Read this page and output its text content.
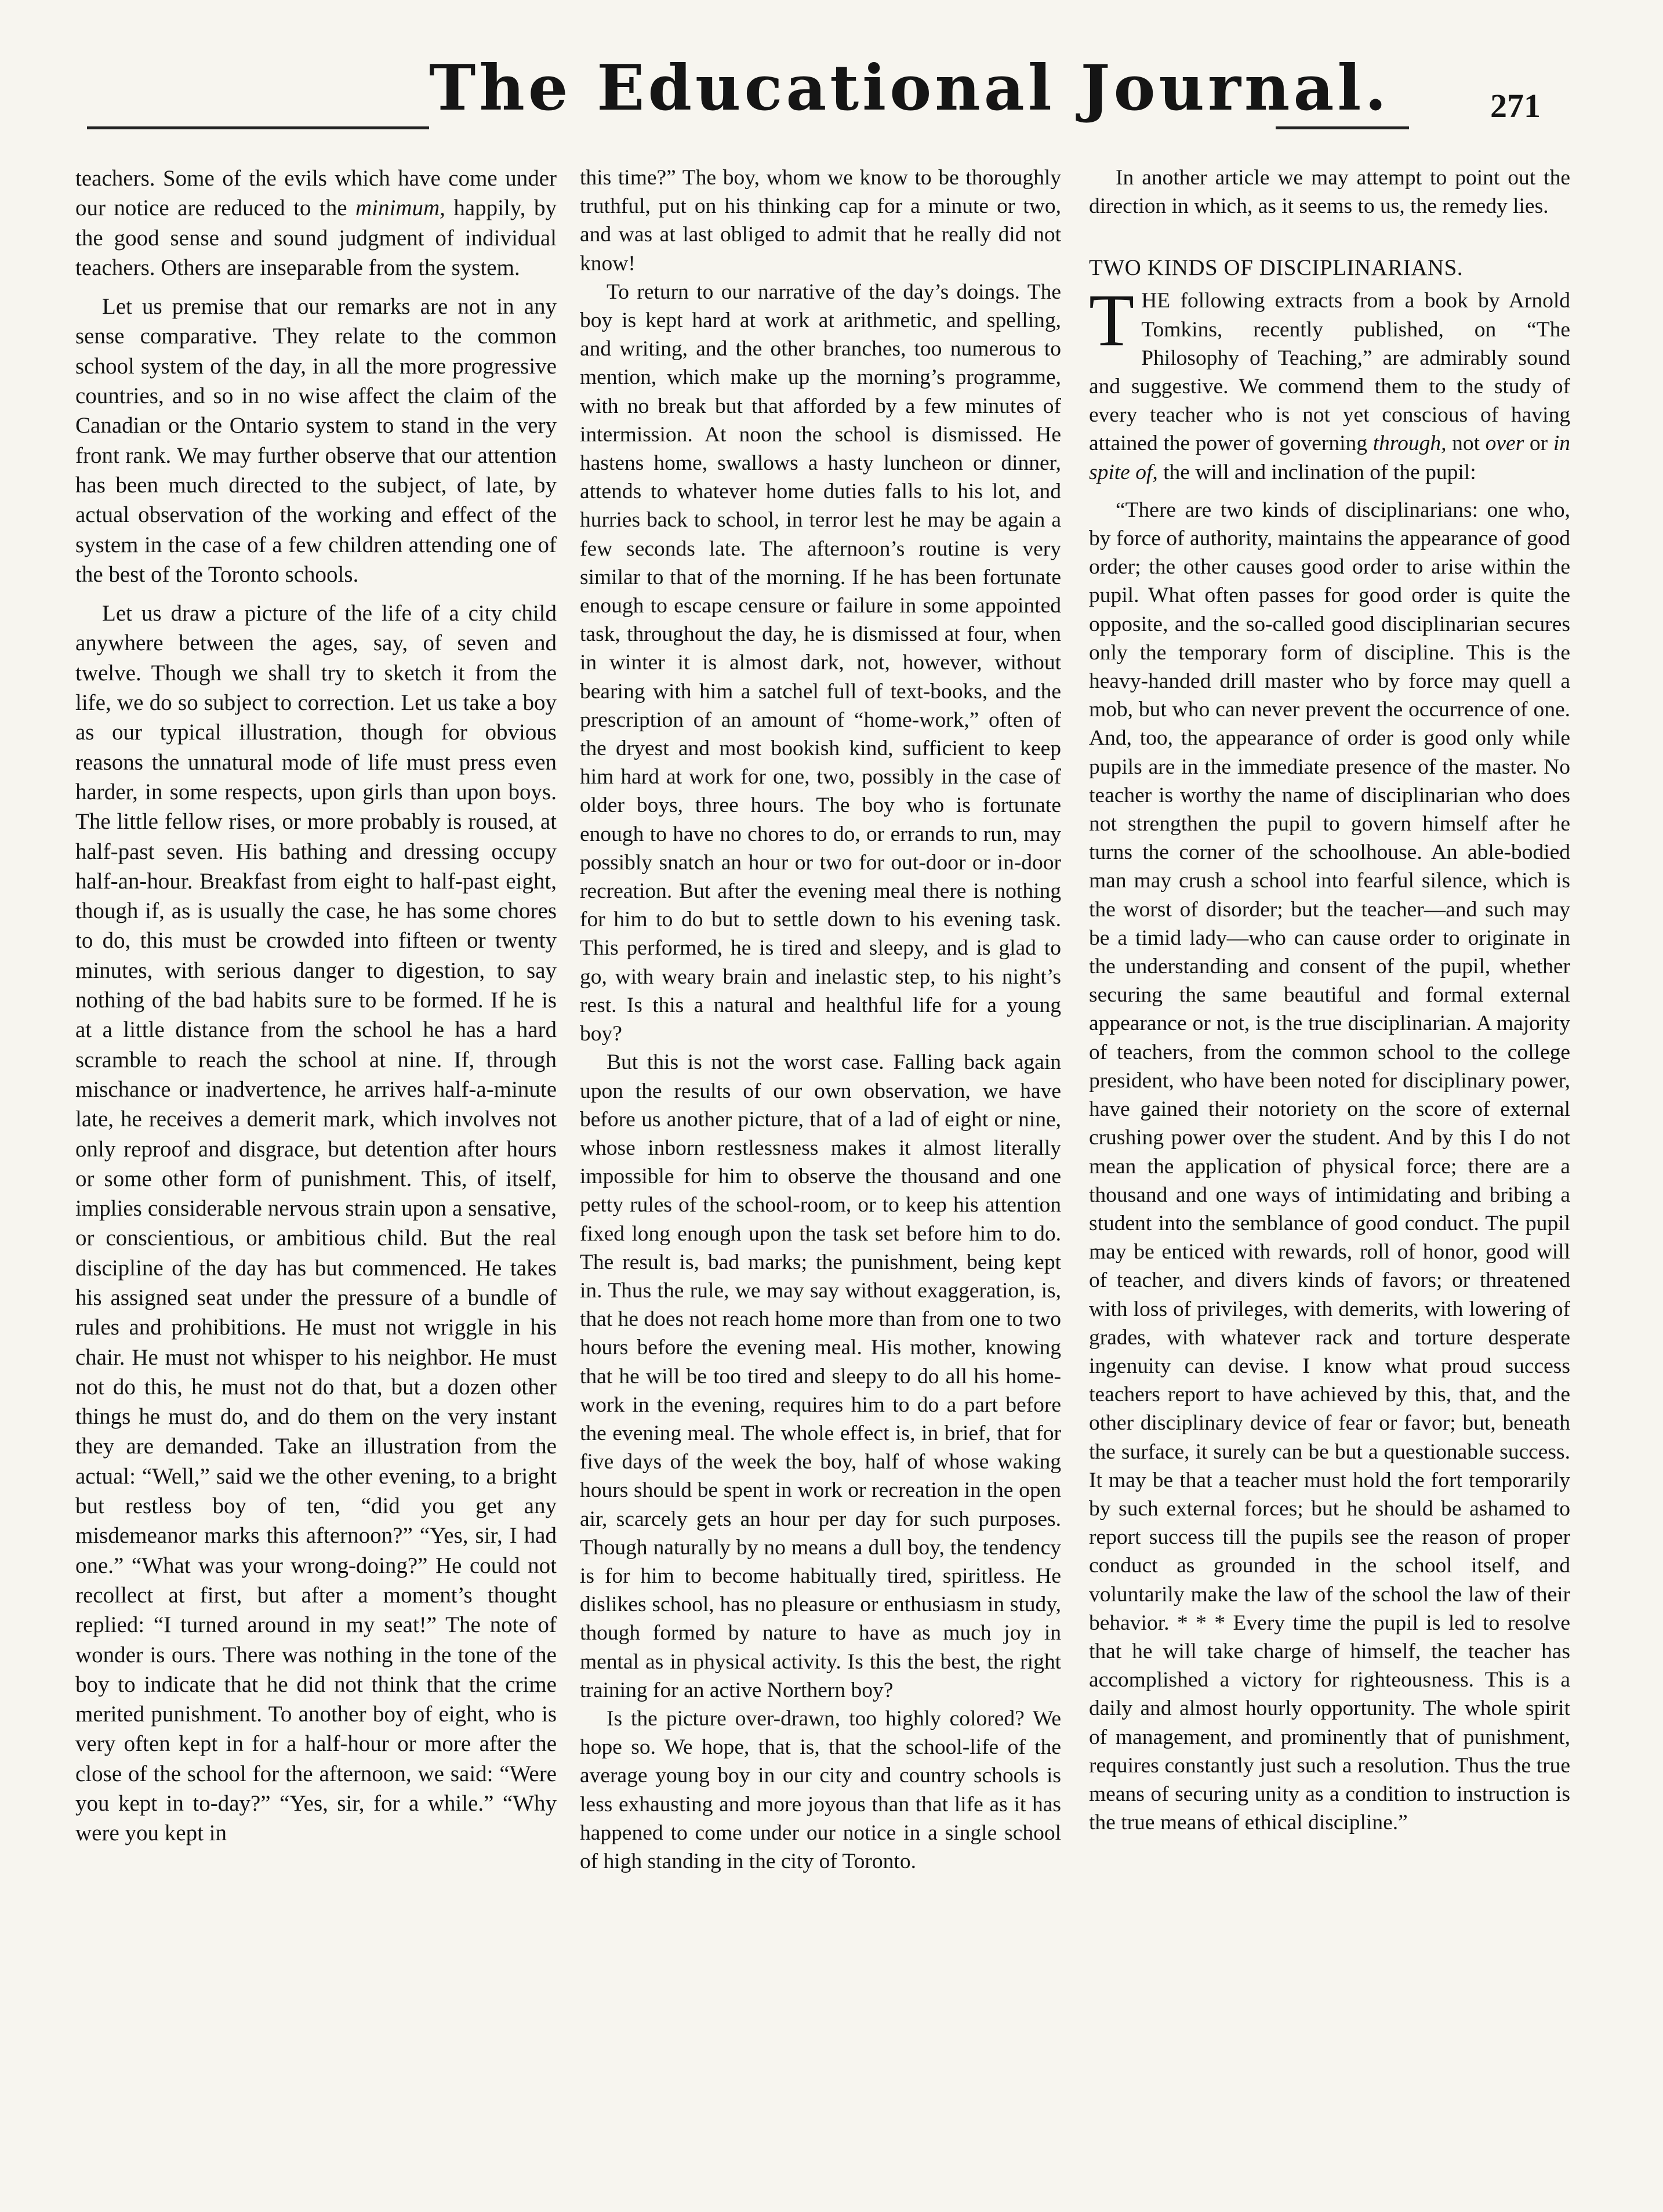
The Educational Journal.	271

teachers. Some of the evils which have come under our notice are reduced to the minimum, happily, by the good sense and sound judgment of individual teachers. Others are inseparable from the system.

Let us premise that our remarks are not in any sense comparative. They relate to the common school system of the day, in all the more progressive countries, and so in no wise affect the claim of the Canadian or the Ontario system to stand in the very front rank. We may further observe that our attention has been much directed to the subject, of late, by actual observation of the working and effect of the system in the case of a few children attending one of the best of the Toronto schools.

Let us draw a picture of the life of a city child anywhere between the ages, say, of seven and twelve. Though we shall try to sketch it from the life, we do so subject to correction. Let us take a boy as our typical illustration, though for obvious reasons the unnatural mode of life must press even harder, in some respects, upon girls than upon boys. The little fellow rises, or more probably is roused, at half-past seven. His bathing and dressing occupy half-an-hour. Breakfast from eight to half-past eight, though if, as is usually the case, he has some chores to do, this must be crowded into fifteen or twenty minutes, with serious danger to digestion, to say nothing of the bad habits sure to be formed. If he is at a little distance from the school he has a hard scramble to reach the school at nine. If, through mischance or inadvertence, he arrives half-a-minute late, he receives a demerit mark, which involves not only reproof and disgrace, but detention after hours or some other form of punishment. This, of itself, implies considerable nervous strain upon a sensative, or conscientious, or ambitious child. But the real discipline of the day has but commenced. He takes his assigned seat under the pressure of a bundle of rules and prohibitions. He must not wriggle in his chair. He must not whisper to his neighbor. He must not do this, he must not do that, but a dozen other things he must do, and do them on the very instant they are demanded. Take an illustration from the actual: “Well,” said we the other evening, to a bright but restless boy of ten, “did you get any misdemeanor marks this afternoon?” “Yes, sir, I had one.” “What was your wrong-doing?” He could not recollect at first, but after a moment’s thought replied: “I turned around in my seat!” The note of wonder is ours. There was nothing in the tone of the boy to indicate that he did not think that the crime merited punishment. To another boy of eight, who is very often kept in for a half-hour or more after the close of the school for the afternoon, we said: “Were you kept in to-day?” “Yes, sir, for a while.” “Why were you kept in

this time?” The boy, whom we know to be thoroughly truthful, put on his thinking cap for a minute or two, and was at last obliged to admit that he really did not know!

To return to our narrative of the day’s doings. The boy is kept hard at work at arithmetic, and spelling, and writing, and the other branches, too numerous to mention, which make up the morning’s programme, with no break but that afforded by a few minutes of intermission. At noon the school is dismissed. He hastens home, swallows a hasty luncheon or dinner, attends to whatever home duties falls to his lot, and hurries back to school, in terror lest he may be again a few seconds late. The afternoon’s routine is very similar to that of the morning. If he has been fortunate enough to escape censure or failure in some appointed task, throughout the day, he is dismissed at four, when in winter it is almost dark, not, however, without bearing with him a satchel full of text-books, and the prescription of an amount of “home-work,” often of the dryest and most bookish kind, sufficient to keep him hard at work for one, two, possibly in the case of older boys, three hours. The boy who is fortunate enough to have no chores to do, or errands to run, may possibly snatch an hour or two for out-door or in-door recreation. But after the evening meal there is nothing for him to do but to settle down to his evening task. This performed, he is tired and sleepy, and is glad to go, with weary brain and inelastic step, to his night’s rest. Is this a natural and healthful life for a young boy?

But this is not the worst case. Falling back again upon the results of our own observation, we have before us another picture, that of a lad of eight or nine, whose inborn restlessness makes it almost literally impossible for him to observe the thousand and one petty rules of the school-room, or to keep his attention fixed long enough upon the task set before him to do. The result is, bad marks; the punishment, being kept in. Thus the rule, we may say without exaggeration, is, that he does not reach home more than from one to two hours before the evening meal. His mother, knowing that he will be too tired and sleepy to do all his home-work in the evening, requires him to do a part before the evening meal. The whole effect is, in brief, that for five days of the week the boy, half of whose waking hours should be spent in work or recreation in the open air, scarcely gets an hour per day for such purposes. Though naturally by no means a dull boy, the tendency is for him to become habitually tired, spiritless. He dislikes school, has no pleasure or enthusiasm in study, though formed by nature to have as much joy in mental as in physical activity. Is this the best, the right training for an active Northern boy?

Is the picture over-drawn, too highly colored? We hope so. We hope, that is, that the school-life of the average young boy in our city and country schools is less exhausting and more joyous than that life as it has happened to come under our notice in a single school of high standing in the city of Toronto.

In another article we may attempt to point out the direction in which, as it seems to us, the remedy lies.

TWO KINDS OF DISCIPLINARIANS.

THE following extracts from a book by Arnold Tomkins, recently published, on “The Philosophy of Teaching,” are admirably sound and suggestive. We commend them to the study of every teacher who is not yet conscious of having attained the power of governing through, not over or in spite of, the will and inclination of the pupil:

“There are two kinds of disciplinarians: one who, by force of authority, maintains the appearance of good order; the other causes good order to arise within the pupil. What often passes for good order is quite the opposite, and the so-called good disciplinarian secures only the temporary form of discipline. This is the heavy-handed drill master who by force may quell a mob, but who can never prevent the occurrence of one. And, too, the appearance of order is good only while pupils are in the immediate presence of the master. No teacher is worthy the name of disciplinarian who does not strengthen the pupil to govern himself after he turns the corner of the schoolhouse. An able-bodied man may crush a school into fearful silence, which is the worst of disorder; but the teacher—and such may be a timid lady—who can cause order to originate in the understanding and consent of the pupil, whether securing the same beautiful and formal external appearance or not, is the true disciplinarian. A majority of teachers, from the common school to the college president, who have been noted for disciplinary power, have gained their notoriety on the score of external crushing power over the student. And by this I do not mean the application of physical force; there are a thousand and one ways of intimidating and bribing a student into the semblance of good conduct. The pupil may be enticed with rewards, roll of honor, good will of teacher, and divers kinds of favors; or threatened with loss of privileges, with demerits, with lowering of grades, with whatever rack and torture desperate ingenuity can devise. I know what proud success teachers report to have achieved by this, that, and the other disciplinary device of fear or favor; but, beneath the surface, it surely can be but a questionable success. It may be that a teacher must hold the fort temporarily by such external forces; but he should be ashamed to report success till the pupils see the reason of proper conduct as grounded in the school itself, and voluntarily make the law of the school the law of their behavior. * * * Every time the pupil is led to resolve that he will take charge of himself, the teacher has accomplished a victory for righteousness. This is a daily and almost hourly opportunity. The whole spirit of management, and prominently that of punishment, requires constantly just such a resolution. Thus the true means of securing unity as a condition to instruction is the true means of ethical discipline.”
